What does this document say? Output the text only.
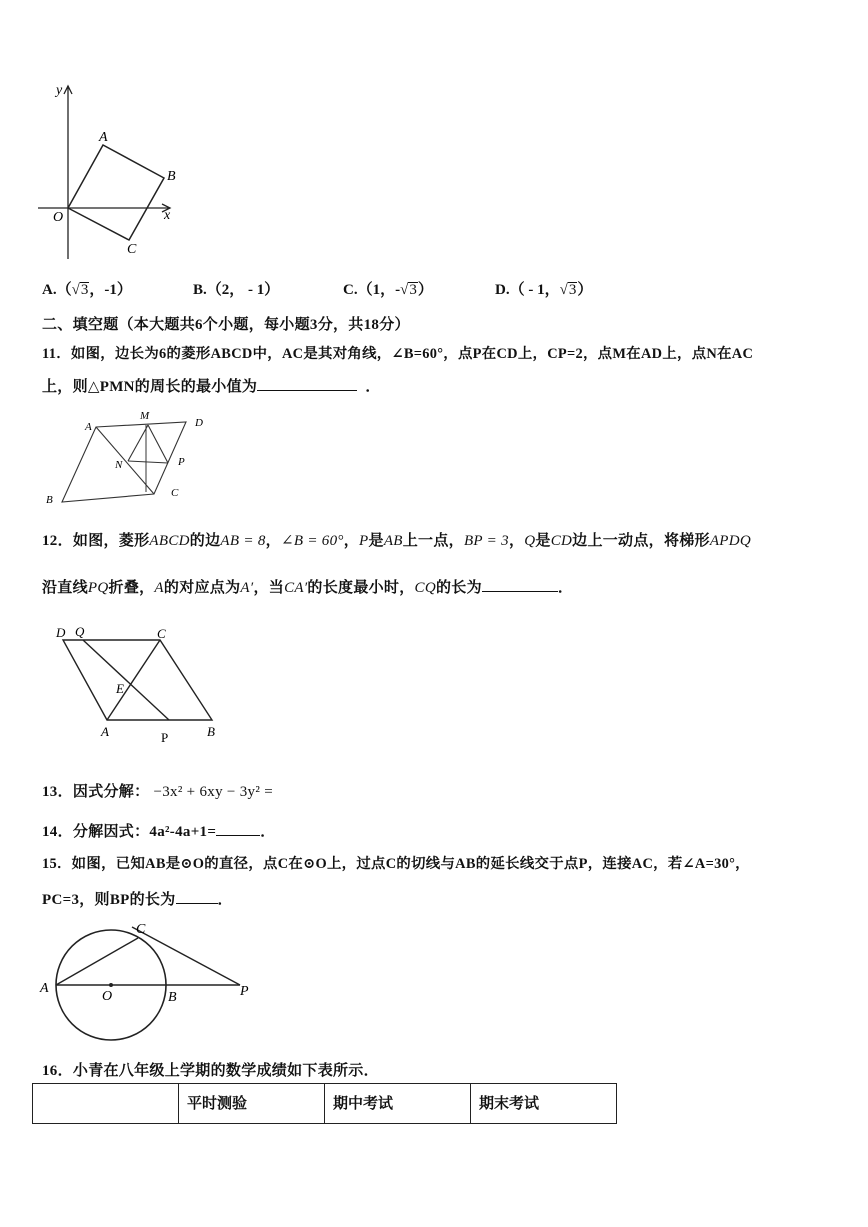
y
x
O
A
B
C
A.（√3，-1）	B.（2， - 1）	C.（1，-√3）	D.（ - 1，√3）
二、填空题（本大题共6个小题，每小题3分，共18分）
11．如图，边长为6的菱形ABCD中，AC是其对角线，∠B=60°，点P在CD上，CP=2，点M在AD上，点N在AC
上，则△PMN的周长的最小值为	．
A
M
D
N	P
B
C
12．如图，菱形ABCD的边AB = 8，∠B = 60°，P是AB上一点，BP = 3，Q是CD边上一动点，将梯形APDQ
沿直线PQ折叠，A的对应点为A′，当CA′的长度最小时，CQ的长为	．
D Q	C
E
A	P	B
13．因式分解： −3x² + 6xy − 3y² =
14．分解因式：4a²-4a+1=	．
15．如图，已知AB是⊙O的直径，点C在⊙O上，过点C的切线与AB的延长线交于点P，连接AC，若∠A=30°，
PC=3，则BP的长为	．
C
A
O	B	P
16．小青在八年级上学期的数学成绩如下表所示．
	平时测验	期中考试	期末考试
